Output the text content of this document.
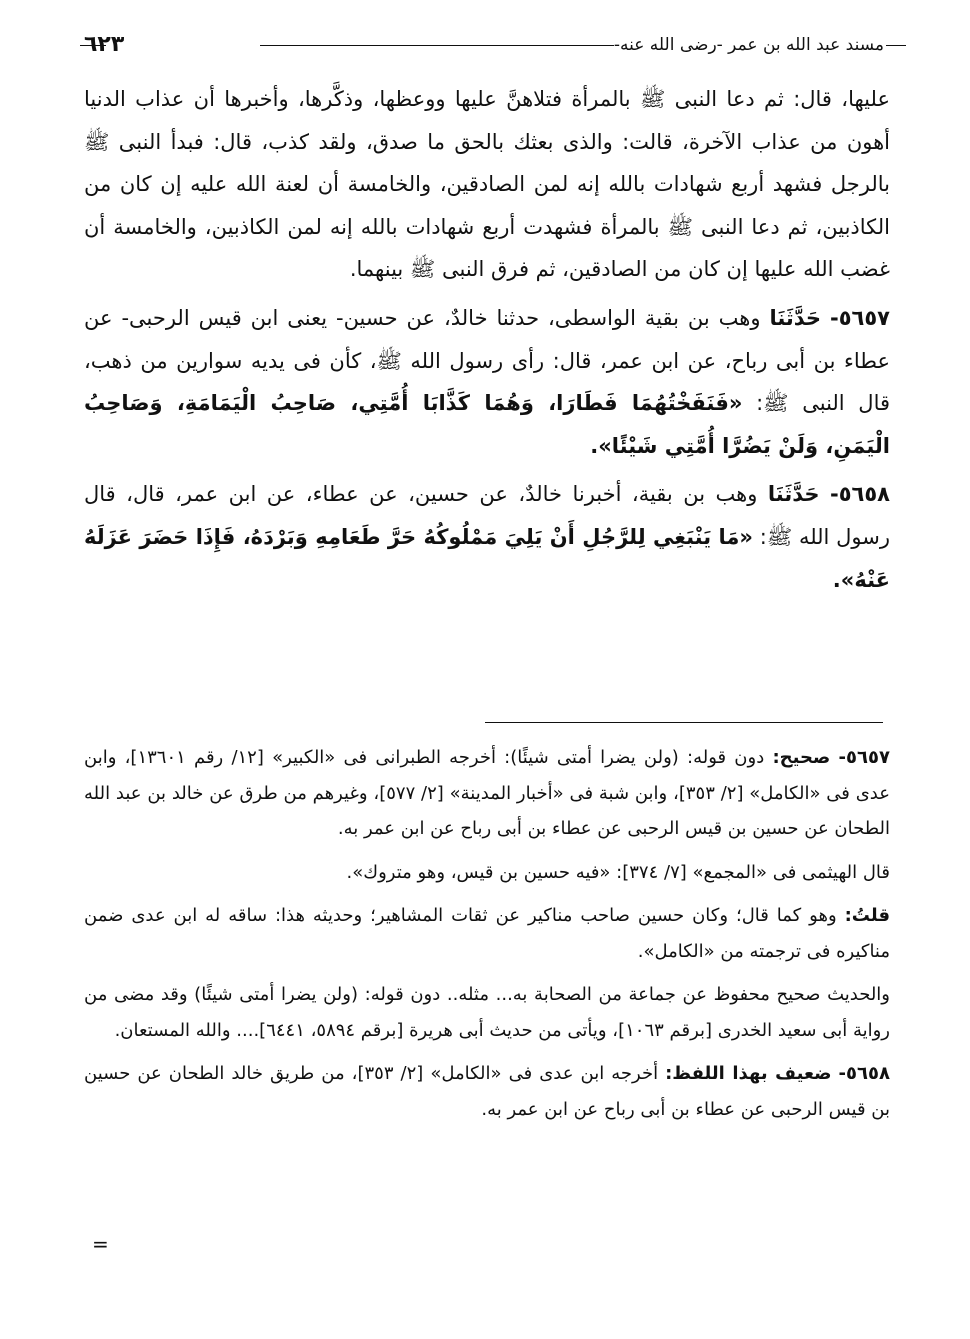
مسند عبد الله بن عمر -رضى الله عنه-
٦٢٣

عليها، قال: ثم دعا النبى ﷺ بالمرأة فتلاهنَّ عليها ووعظها، وذكَّرها، وأخبرها أن عذاب الدنيا أهون من عذاب الآخرة، قالت: والذى بعثك بالحق ما صدق، ولقد كذب، قال: فبدأ النبى ﷺ بالرجل فشهد أربع شهادات بالله إنه لمن الصادقين، والخامسة أن لعنة الله عليه إن كان من الكاذبين، ثم دعا النبى ﷺ بالمرأة فشهدت أربع شهادات بالله إنه لمن الكاذبين، والخامسة أن غضب الله عليها إن كان من الصادقين، ثم فرق النبى ﷺ بينهما.

٥٦٥٧- حَدَّثَنَا وهب بن بقية الواسطى، حدثنا خالدٌ، عن حسين- يعنى ابن قيس الرحبى- عن عطاء بن أبى رباح، عن ابن عمر، قال: رأى رسول الله ﷺ، كأن فى يديه سوارين من ذهب، قال النبى ﷺ: «فَنَفَخْتُهُمَا فَطَارَا، وَهُمَا كَذَّابَا أُمَّتِي، صَاحِبُ الْيَمَامَةِ، وَصَاحِبُ الْيَمَنِ، وَلَنْ يَضُرَّا أُمَّتِي شَيْئًا».

٥٦٥٨- حَدَّثَنَا وهب بن بقية، أخبرنا خالدٌ، عن حسين، عن عطاء، عن ابن عمر، قال، قال رسول الله ﷺ: «مَا يَنْبَغِي لِلرَّجُلِ أَنْ يَلِيَ مَمْلُوكُهُ حَرَّ طَعَامِهِ وَبَرْدَهُ، فَإِذَا حَضَرَ عَزَلَهُ عَنْهُ».

٥٦٥٧- صحيح: دون قوله: (ولن يضرا أمتى شيئًا): أخرجه الطبرانى فى «الكبير» [١٢/ رقم ١٣٦٠١]، وابن عدى فى «الكامل» [٢/ ٣٥٣]، وابن شبة فى «أخبار المدينة» [٢/ ٥٧٧]، وغيرهم من طرق عن خالد بن عبد الله الطحان عن حسين بن قيس الرحبى عن عطاء بن أبى رباح عن ابن عمر به.

قال الهيثمى فى «المجمع» [٧/ ٣٧٤]: «فيه حسين بن قيس، وهو متروك».

قلتُ: وهو كما قال؛ وكان حسين صاحب مناكير عن ثقات المشاهير؛ وحديثه هذا: ساقه له ابن عدى ضمن مناكيره فى ترجمته من «الكامل».

والحديث صحيح محفوظ عن جماعة من الصحابة به... مثله.. دون قوله: (ولن يضرا أمتى شيئًا) وقد مضى من رواية أبى سعيد الخدرى [برقم ١٠٦٣]، ويأتى من حديث أبى هريرة [برقم ٥٨٩٤، ٦٤٤١].... والله المستعان.

٥٦٥٨- ضعيف بهذا اللفظ: أخرجه ابن عدى فى «الكامل» [٢/ ٣٥٣]، من طريق خالد الطحان عن حسين بن قيس الرحبى عن عطاء بن أبى رباح عن ابن عمر به.

=
